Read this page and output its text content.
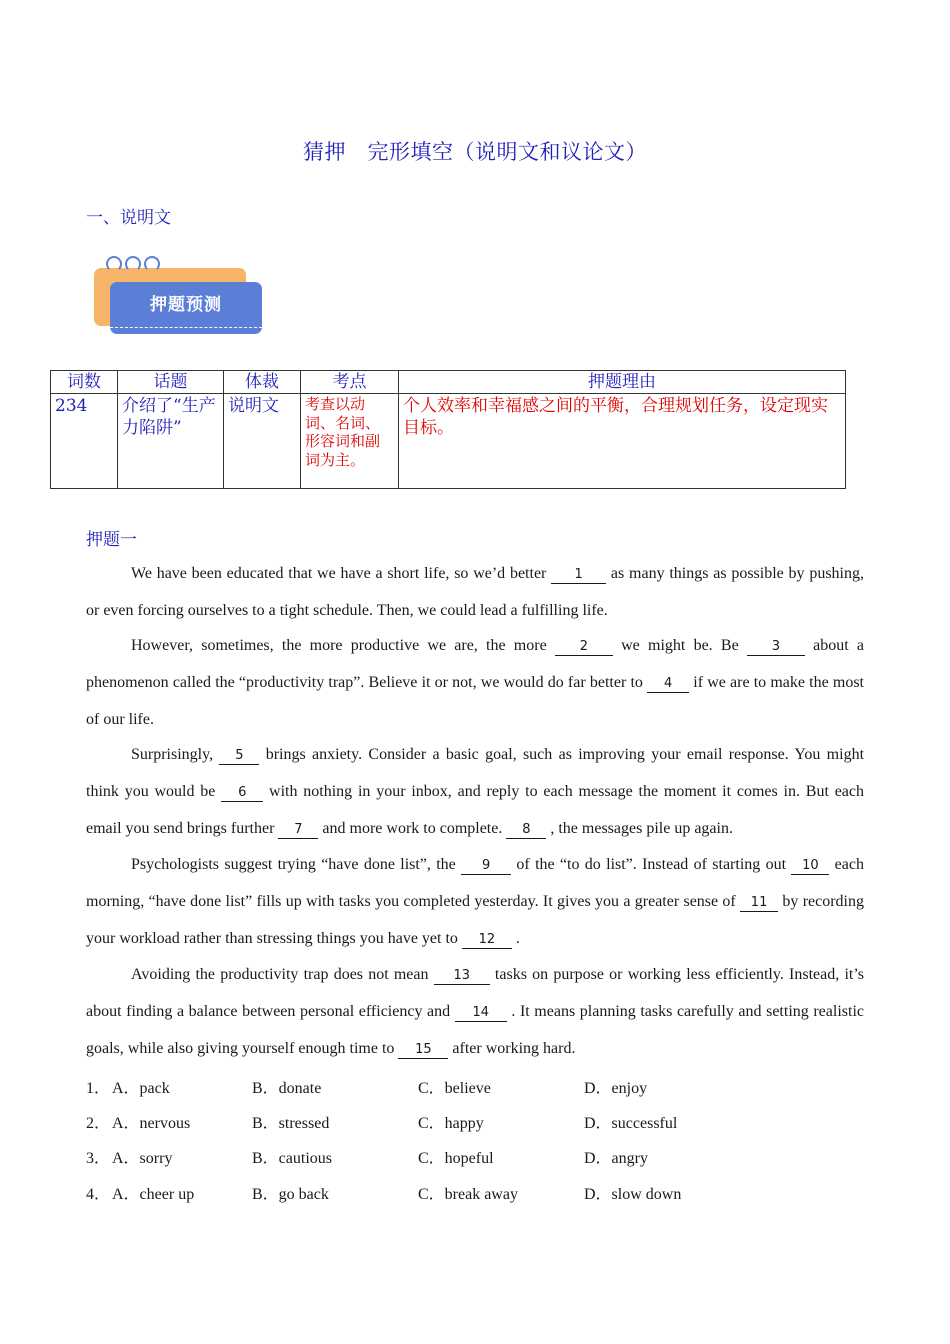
猜押　完形填空（说明文和议论文）
一、说明文
押题预测
词数	话题	体裁	考点	押题理由
234	介绍了“生产力陷阱”	说明文	考查以动词、名词、形容词和副词为主。	个人效率和幸福感之间的平衡，合理规划任务，设定现实目标。
押题一
We have been educated that we have a short life, so we’d better 1 as many things as possible by pushing, or even forcing ourselves to a tight schedule. Then, we could lead a fulfilling life.
However, sometimes, the more productive we are, the more 2 we might be. Be 3 about a phenomenon called the “productivity trap”. Believe it or not, we would do far better to 4 if we are to make the most of our life.
Surprisingly, 5 brings anxiety. Consider a basic goal, such as improving your email response. You might think you would be 6 with nothing in your inbox, and reply to each message the moment it comes in. But each email you send brings further 7 and more work to complete. 8 , the messages pile up again.
Psychologists suggest trying “have done list”, the 9 of the “to do list”. Instead of starting out 10 each morning, “have done list” fills up with tasks you completed yesterday. It gives you a greater sense of 11 by recording your workload rather than stressing things you have yet to 12 .
Avoiding the productivity trap does not mean 13 tasks on purpose or working less efficiently. Instead, it’s about finding a balance between personal efficiency and 14 . It means planning tasks carefully and setting realistic goals, while also giving yourself enough time to 15 after working hard.
1． A．pack	B．donate	C．believe	D．enjoy
2． A．nervous	B．stressed	C．happy	D．successful
3． A．sorry	B．cautious	C．hopeful	D．angry
4． A．cheer up	B．go back	C．break away	D．slow down
